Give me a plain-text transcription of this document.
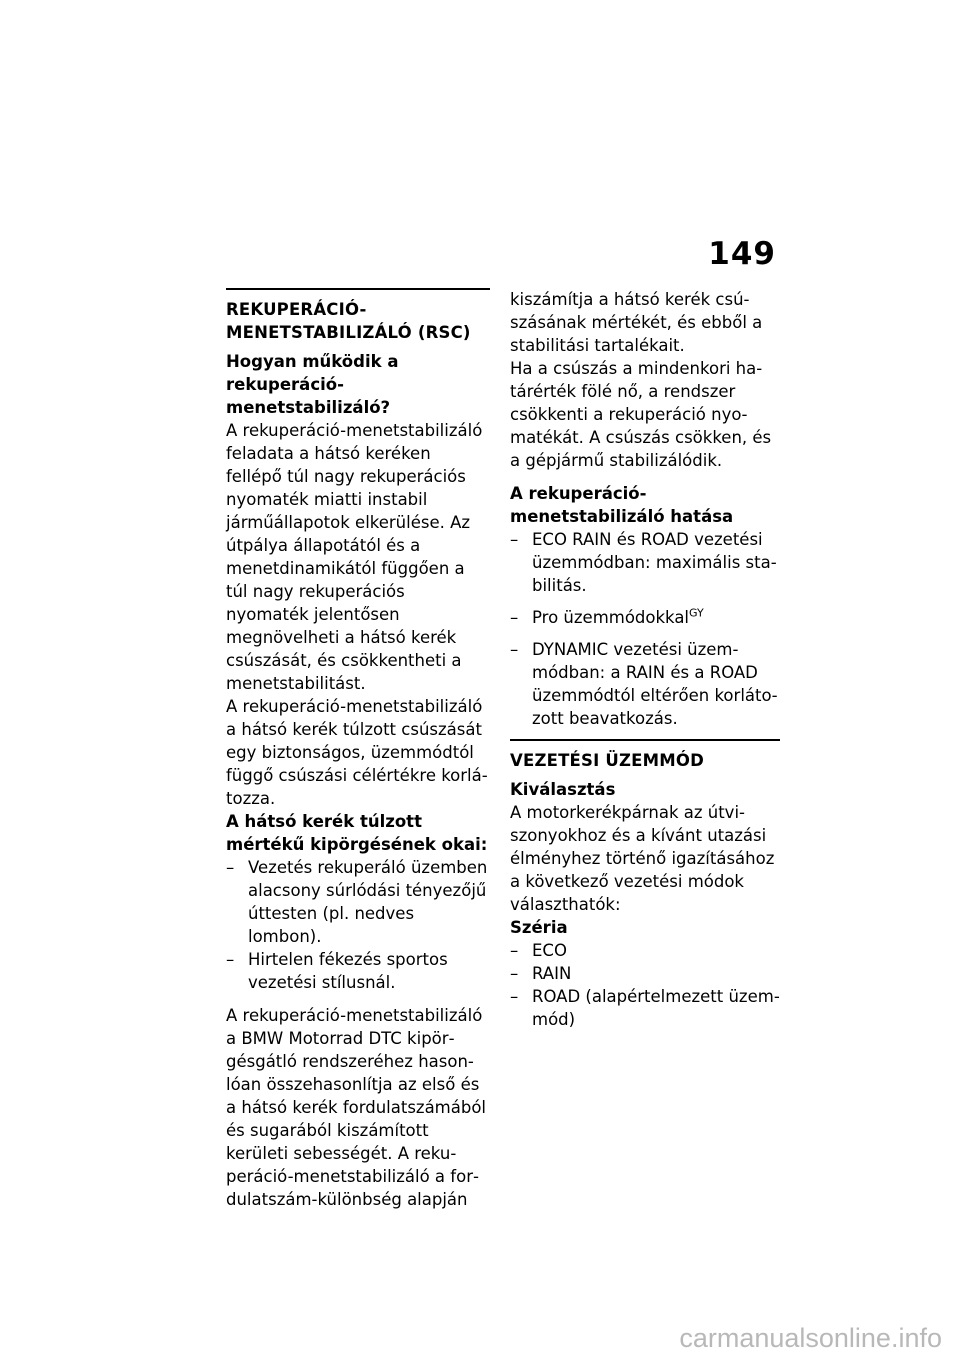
149
REKUPERÁCIÓ-MENETSTABILIZÁLÓ (RSC)
Hogyan működik a rekuperáció-menetstabilizáló?

A rekuperáció-menetstabilizáló feladata a hátsó keréken fellépő túl nagy rekuperációs nyomaték miatti instabil járműállapotok elkerülése. Az útpálya állapotától és a menetdinamikától függően a túl nagy rekuperációs nyomaték jelentősen megnövelheti a hátsó kerék csúszását, és csökkentheti a menetstabilitást.

A rekuperáció-menetstabilizáló a hátsó kerék túlzott csúszását egy biztonságos, üzemmódtól függő csúszási célértékre korlátozza.

A hátsó kerék túlzott mértékű kipörgésének okai:
– Vezetés rekuperáló üzemben alacsony súrlódási tényezőjű úttesten (pl. nedves lombon).
– Hirtelen fékezés sportos vezetési stílusnál.

A rekuperáció-menetstabilizáló a BMW Motorrad DTC kipörgésgátló rendszeréhez hasonlóan összehasonlítja az első és a hátsó kerék fordulatszámából és sugarából kiszámított kerületi sebességét. A rekuperáció-menetstabilizáló a fordulatszám-különbség alapján

kiszámítja a hátsó kerék csúszásának mértékét, és ebből a stabilitási tartalékait.

Ha a csúszás a mindenkori határérték fölé nő, a rendszer csökkenti a rekuperáció nyomatékát. A csúszás csökken, és a gépjármű stabilizálódik.

A rekuperáció-menetstabilizáló hatása
– ECO RAIN és ROAD vezetési üzemmódban: maximális stabilitás.
– Pro üzemmódokkal$^{GY}$
– DYNAMIC vezetési üzemmódban: a RAIN és a ROAD üzemmódtól eltérően korlátozott beavatkozás.
VEZETÉSI ÜZEMMÓD
Kiválasztás

A motorkerékpárnak az útviszonyokhoz és a kívánt utazási élményhez történő igazításához a következő vezetési módok választhatók:

Széria
– ECO
– RAIN
– ROAD (alapértelmezett üzemmód)
carmanualsonline.info
